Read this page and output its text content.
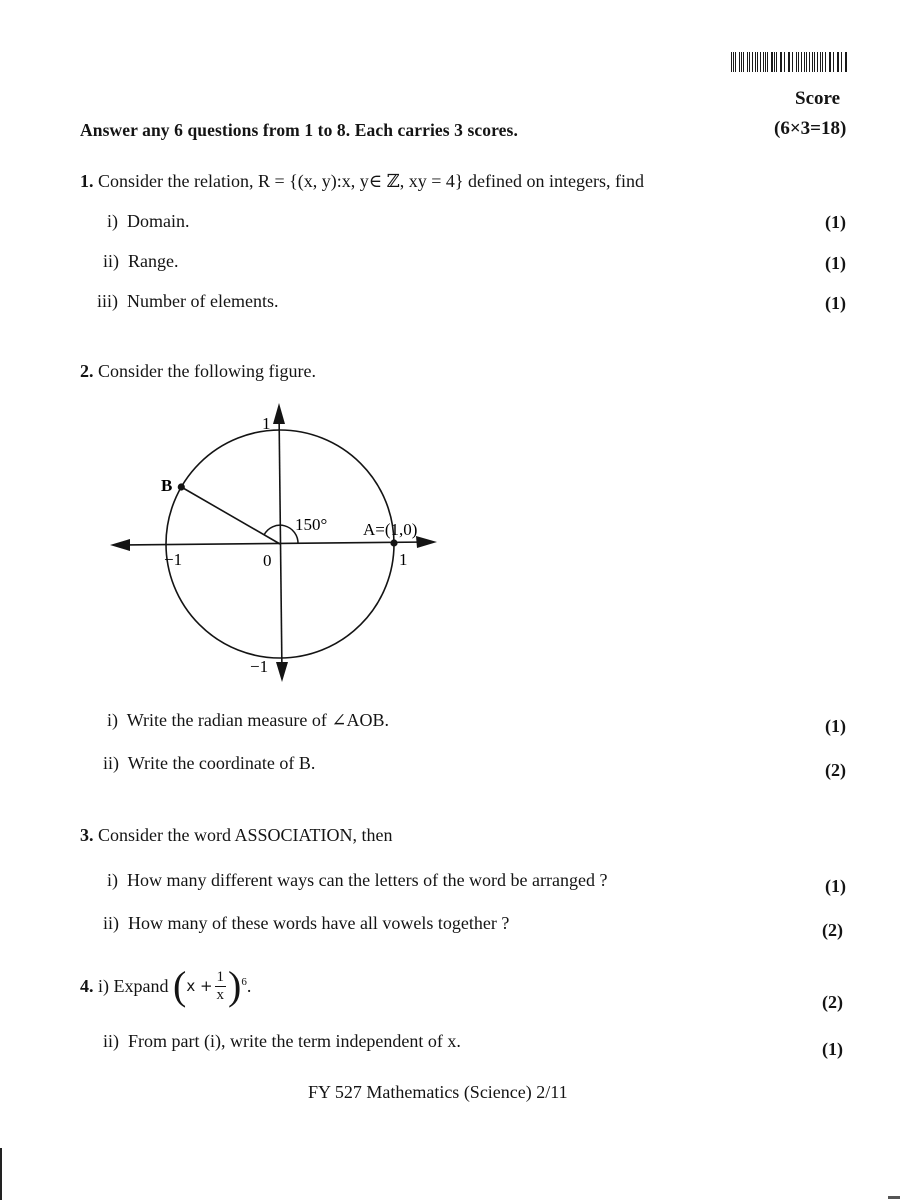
Score
(6×3=18)
Answer any 6 questions from 1 to 8. Each carries 3 scores.
1. Consider the relation, R = {(x, y):x, y∈ ℤ, xy = 4} defined on integers, find
i) Domain.	(1)
ii) Range.	(1)
iii) Number of elements.	(1)
2. Consider the following figure.
1
−1
−1	0	1
B
A=(1,0)
150°
i) Write the radian measure of ∠AOB.	(1)
ii) Write the coordinate of B.	(2)
3. Consider the word ASSOCIATION, then
i) How many different ways can the letters of the word be arranged ?	(1)
ii) How many of these words have all vowels together ?	(2)
4.
i)
Expand
( $x + \frac{1}{x}$ ) 6 .
(2)
ii) From part (i), write the term independent of x.	(1)
FY 527 Mathematics (Science) 2/11
